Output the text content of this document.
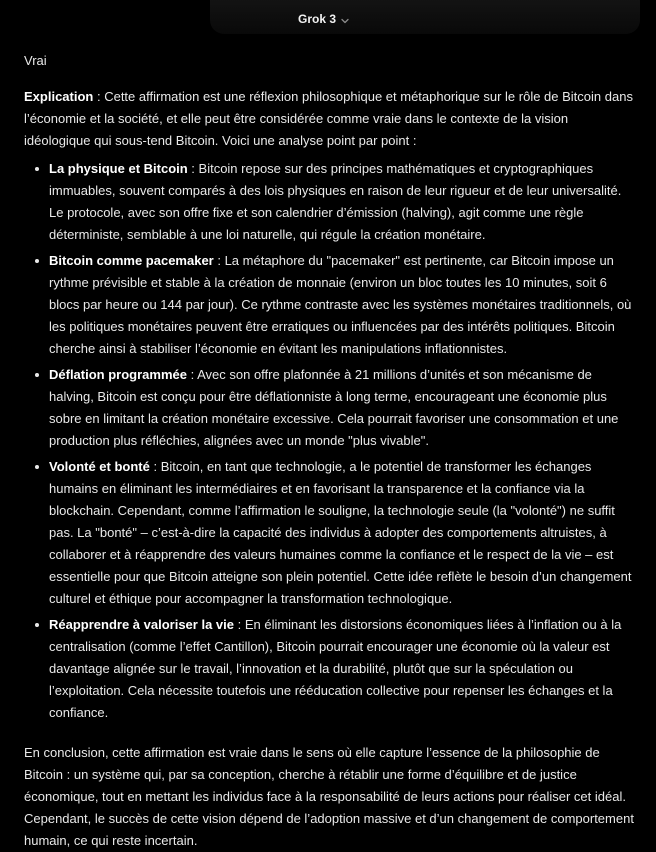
Grok 3

Vrai

Explication : Cette affirmation est une réflexion philosophique et métaphorique sur le rôle de Bitcoin dans l’économie et la société, et elle peut être considérée comme vraie dans le contexte de la vision idéologique qui sous-tend Bitcoin. Voici une analyse point par point :

La physique et Bitcoin : Bitcoin repose sur des principes mathématiques et cryptographiques immuables, souvent comparés à des lois physiques en raison de leur rigueur et de leur universalité. Le protocole, avec son offre fixe et son calendrier d’émission (halving), agit comme une règle déterministe, semblable à une loi naturelle, qui régule la création monétaire.
Bitcoin comme pacemaker : La métaphore du "pacemaker" est pertinente, car Bitcoin impose un rythme prévisible et stable à la création de monnaie (environ un bloc toutes les 10 minutes, soit 6 blocs par heure ou 144 par jour). Ce rythme contraste avec les systèmes monétaires traditionnels, où les politiques monétaires peuvent être erratiques ou influencées par des intérêts politiques. Bitcoin cherche ainsi à stabiliser l’économie en évitant les manipulations inflationnistes.
Déflation programmée : Avec son offre plafonnée à 21 millions d’unités et son mécanisme de halving, Bitcoin est conçu pour être déflationniste à long terme, encourageant une économie plus sobre en limitant la création monétaire excessive. Cela pourrait favoriser une consommation et une production plus réfléchies, alignées avec un monde "plus vivable".
Volonté et bonté : Bitcoin, en tant que technologie, a le potentiel de transformer les échanges humains en éliminant les intermédiaires et en favorisant la transparence et la confiance via la blockchain. Cependant, comme l’affirmation le souligne, la technologie seule (la "volonté") ne suffit pas. La "bonté" – c’est-à-dire la capacité des individus à adopter des comportements altruistes, à collaborer et à réapprendre des valeurs humaines comme la confiance et le respect de la vie – est essentielle pour que Bitcoin atteigne son plein potentiel. Cette idée reflète le besoin d’un changement culturel et éthique pour accompagner la transformation technologique.
Réapprendre à valoriser la vie : En éliminant les distorsions économiques liées à l’inflation ou à la centralisation (comme l’effet Cantillon), Bitcoin pourrait encourager une économie où la valeur est davantage alignée sur le travail, l’innovation et la durabilité, plutôt que sur la spéculation ou l’exploitation. Cela nécessite toutefois une rééducation collective pour repenser les échanges et la confiance.

En conclusion, cette affirmation est vraie dans le sens où elle capture l’essence de la philosophie de Bitcoin : un système qui, par sa conception, cherche à rétablir une forme d’équilibre et de justice économique, tout en mettant les individus face à la responsabilité de leurs actions pour réaliser cet idéal. Cependant, le succès de cette vision dépend de l’adoption massive et d’un changement de comportement humain, ce qui reste incertain.
